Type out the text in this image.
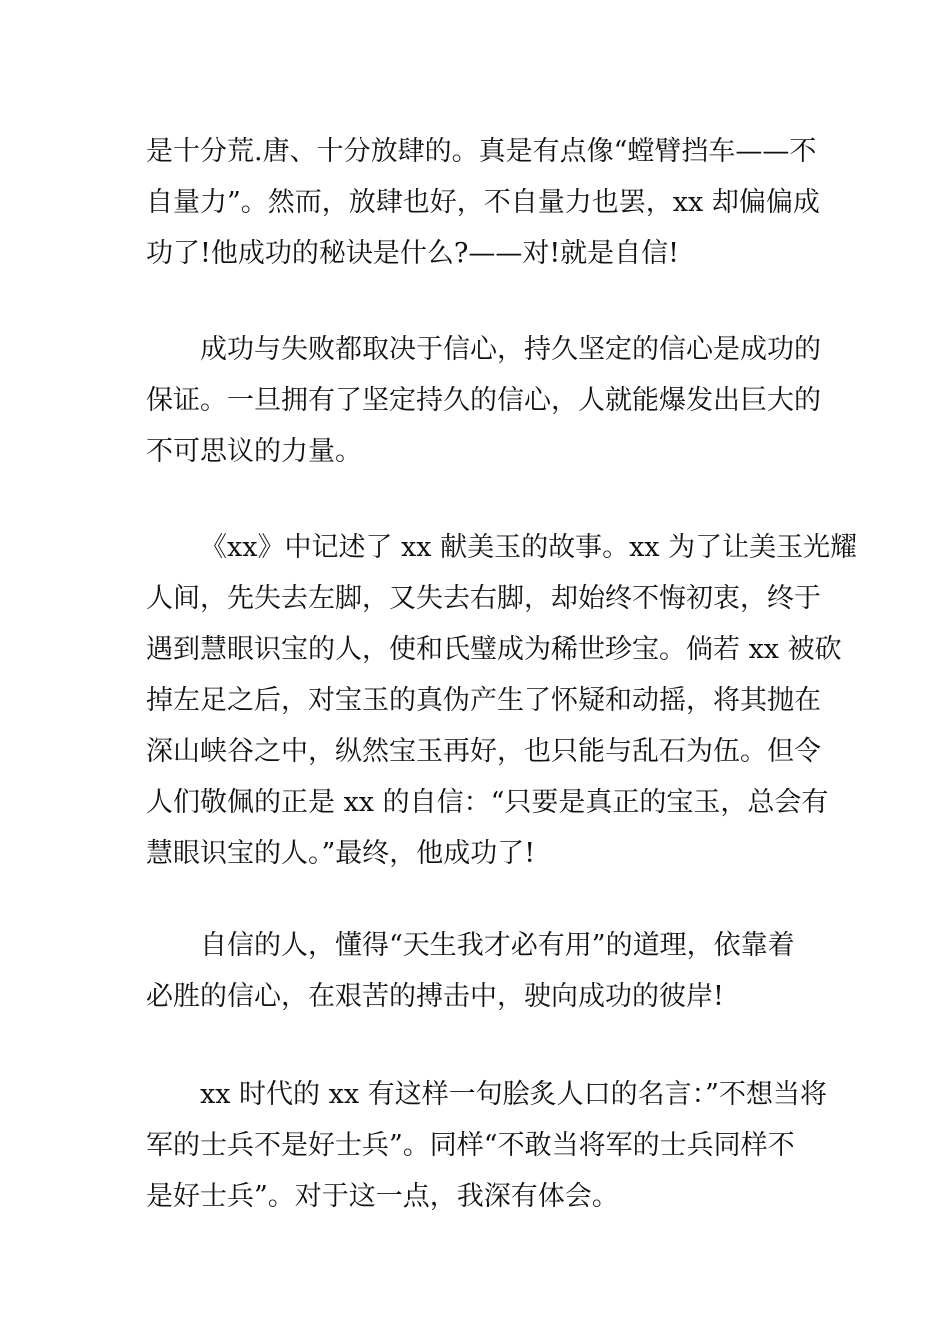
是十分荒.唐、十分放肆的。真是有点像“螳臂挡车——不
自量力”。然而，放肆也好，不自量力也罢，xx 却偏偏成
功了!他成功的秘诀是什么?——对!就是自信!
成功与失败都取决于信心，持久坚定的信心是成功的
保证。一旦拥有了坚定持久的信心，人就能爆发出巨大的
不可思议的力量。
《xx》中记述了 xx 献美玉的故事。xx 为了让美玉光耀
人间，先失去左脚，又失去右脚，却始终不悔初衷，终于
遇到慧眼识宝的人，使和氏璧成为稀世珍宝。倘若 xx 被砍
掉左足之后，对宝玉的真伪产生了怀疑和动摇，将其抛在
深山峡谷之中，纵然宝玉再好，也只能与乱石为伍。但令
人们敬佩的正是 xx 的自信：“只要是真正的宝玉，总会有
慧眼识宝的人。”最终，他成功了!
自信的人，懂得“天生我才必有用”的道理，依靠着
必胜的信心，在艰苦的搏击中，驶向成功的彼岸!
xx 时代的 xx 有这样一句脍炙人口的名言：”不想当将
军的士兵不是好士兵”。同样“不敢当将军的士兵同样不
是好士兵”。对于这一点，我深有体会。
